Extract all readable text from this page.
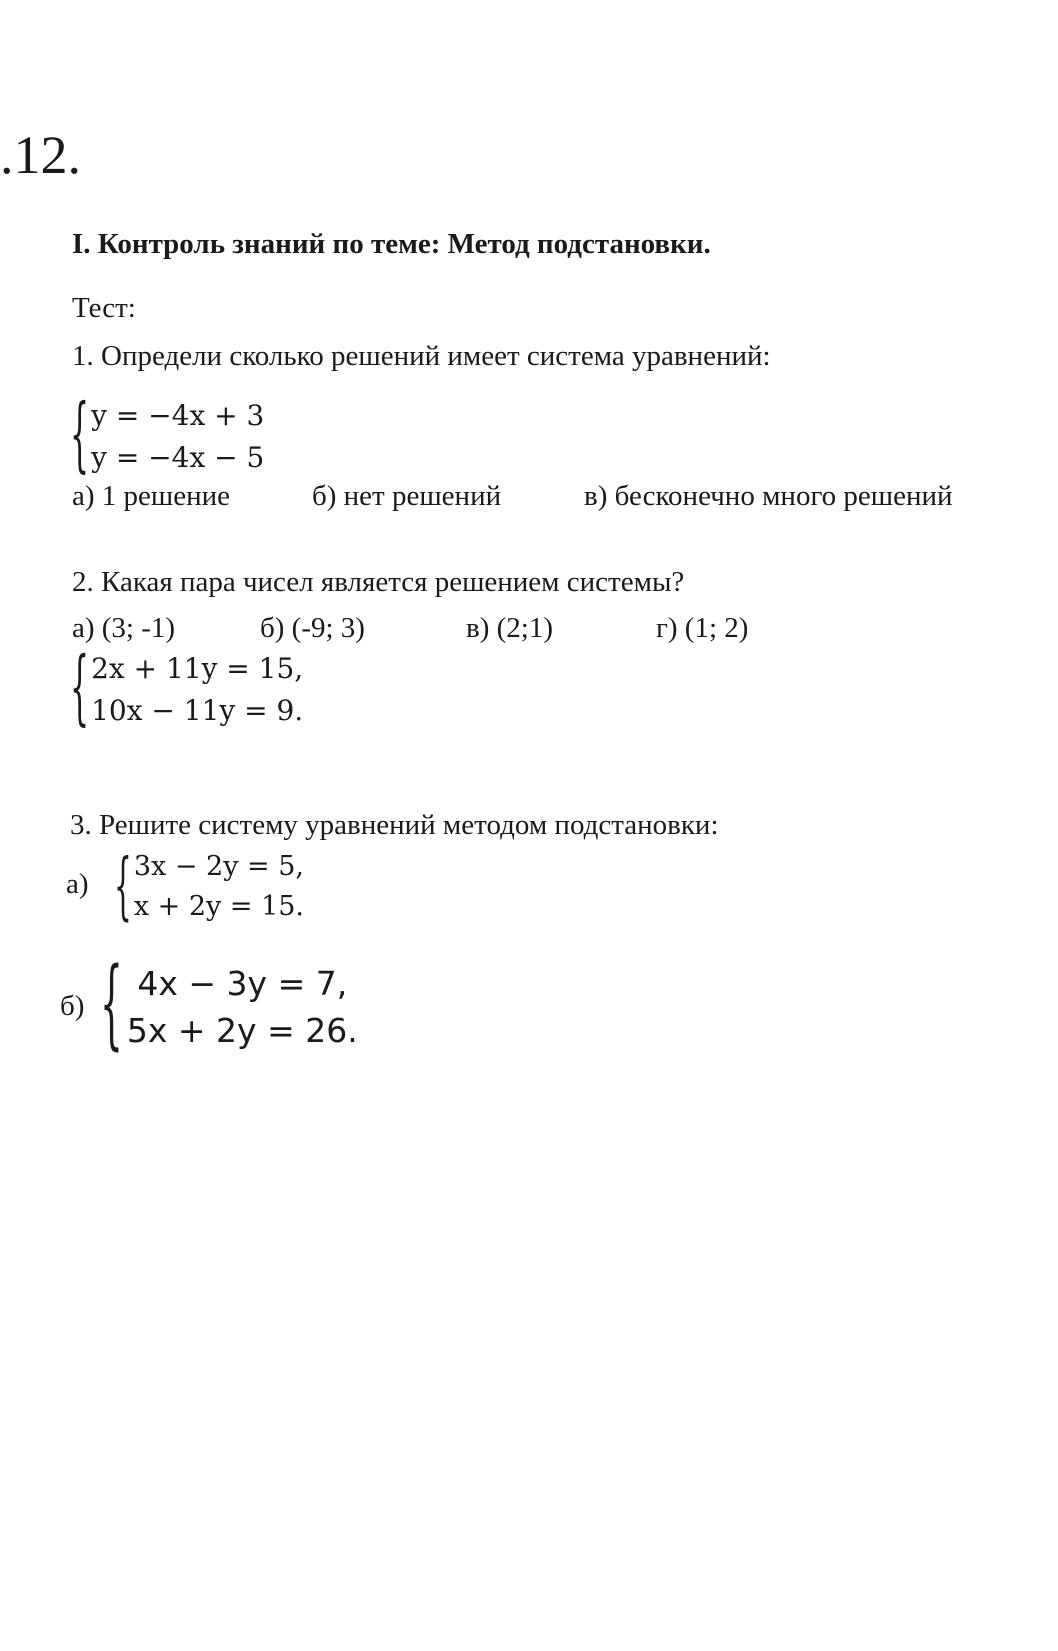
.12.
I. Контроль знаний по теме: Метод подстановки.
Тест:
1. Определи сколько решений имеет система уравнений:
{ y = −4x + 3
y = −4x − 5
а) 1 решение	б) нет решений	в) бесконечно много решений
2. Какая пара чисел является решением системы?
а) (3; -1)	б) (-9; 3)	в) (2;1)	г) (1; 2)
{ 2x + 11y = 15,
10x − 11y = 9.
3. Решите систему уравнений методом подстановки:
а) { 3x − 2y = 5,
x + 2y = 15.
б) { 4x − 3y = 7,
5x + 2y = 26.
